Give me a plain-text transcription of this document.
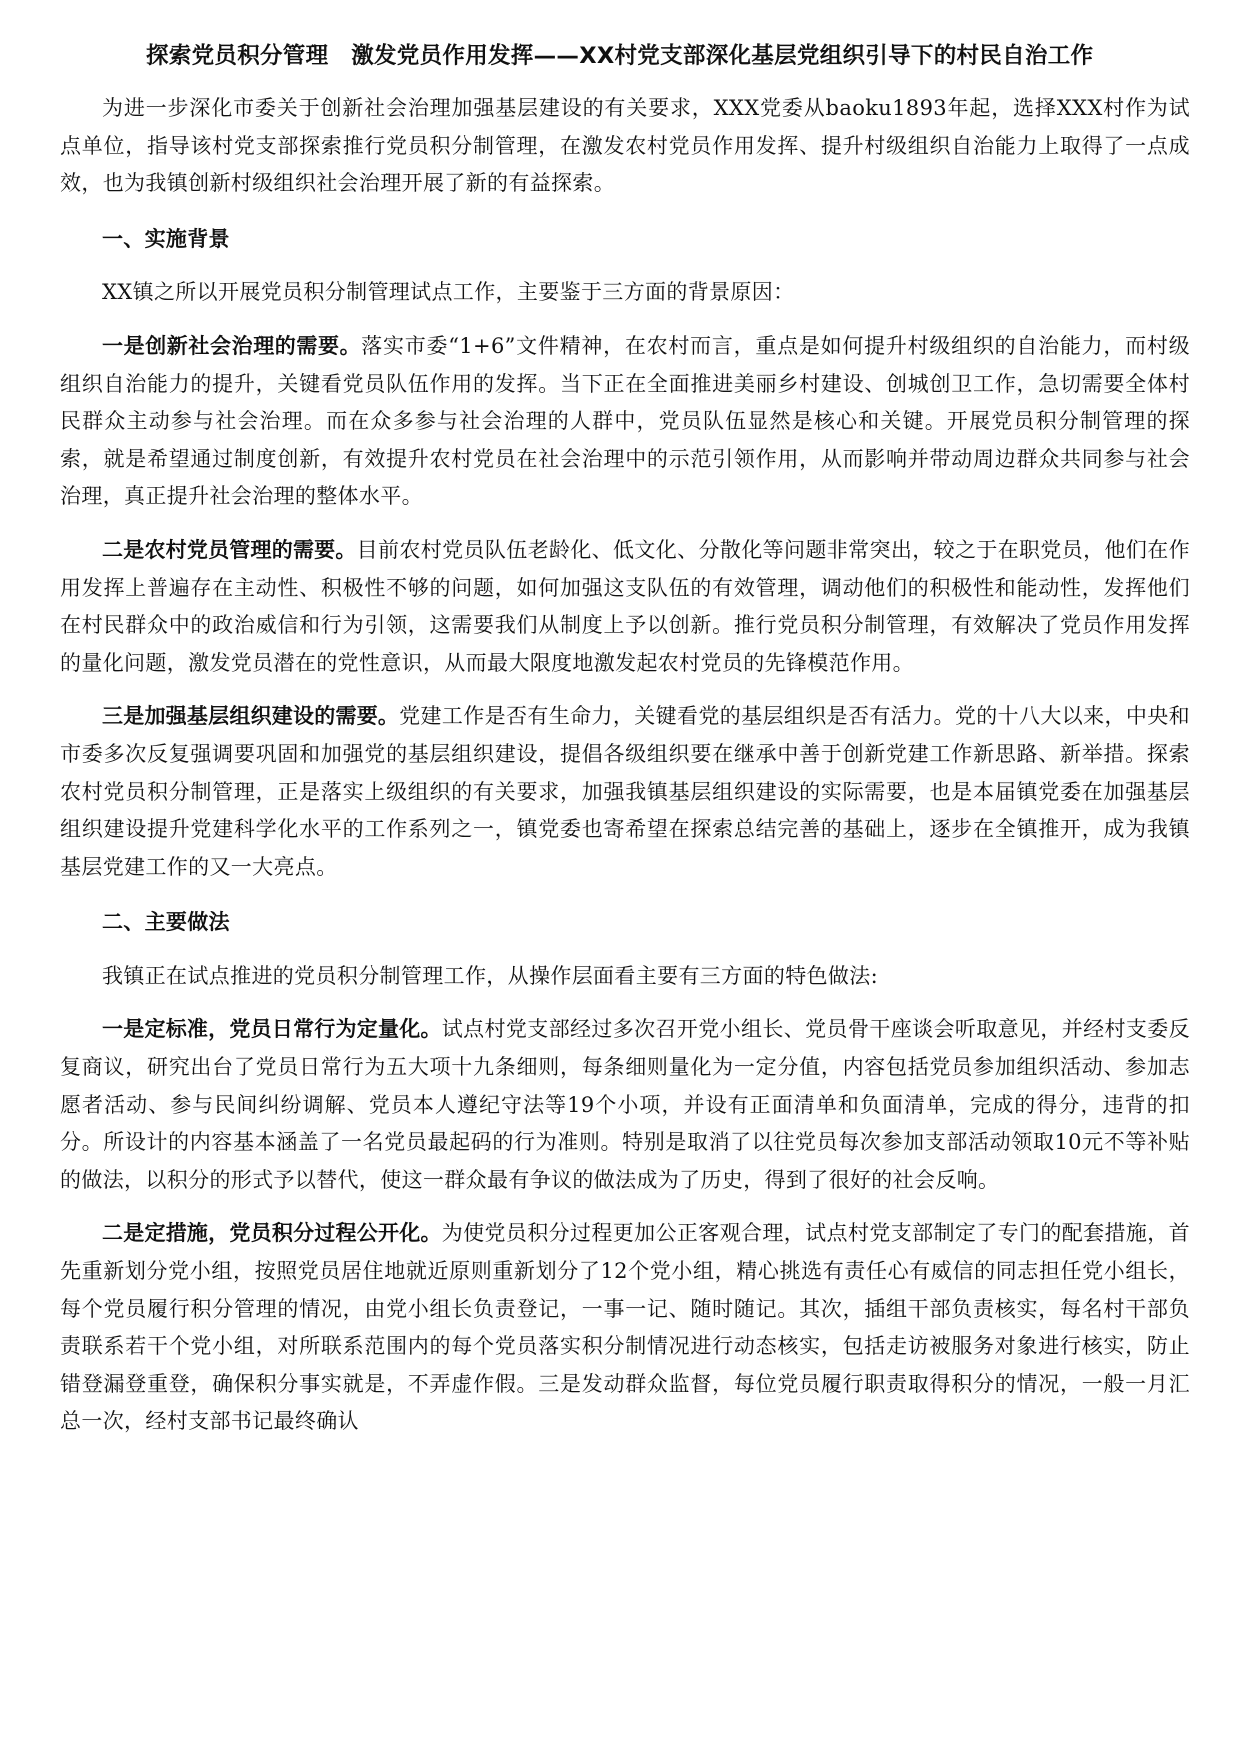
探索党员积分管理　激发党员作用发挥——XX村党支部深化基层党组织引导下的村民自治工作

为进一步深化市委关于创新社会治理加强基层建设的有关要求，XXX党委从baoku1893年起，选择XXX村作为试点单位，指导该村党支部探索推行党员积分制管理，在激发农村党员作用发挥、提升村级组织自治能力上取得了一点成效，也为我镇创新村级组织社会治理开展了新的有益探索。

一、实施背景

XX镇之所以开展党员积分制管理试点工作，主要鉴于三方面的背景原因：

一是创新社会治理的需要。落实市委“1+6”文件精神，在农村而言，重点是如何提升村级组织的自治能力，而村级组织自治能力的提升，关键看党员队伍作用的发挥。当下正在全面推进美丽乡村建设、创城创卫工作，急切需要全体村民群众主动参与社会治理。而在众多参与社会治理的人群中，党员队伍显然是核心和关键。开展党员积分制管理的探索，就是希望通过制度创新，有效提升农村党员在社会治理中的示范引领作用，从而影响并带动周边群众共同参与社会治理，真正提升社会治理的整体水平。

二是农村党员管理的需要。目前农村党员队伍老龄化、低文化、分散化等问题非常突出，较之于在职党员，他们在作用发挥上普遍存在主动性、积极性不够的问题，如何加强这支队伍的有效管理，调动他们的积极性和能动性，发挥他们在村民群众中的政治威信和行为引领，这需要我们从制度上予以创新。推行党员积分制管理，有效解决了党员作用发挥的量化问题，激发党员潜在的党性意识，从而最大限度地激发起农村党员的先锋模范作用。

三是加强基层组织建设的需要。党建工作是否有生命力，关键看党的基层组织是否有活力。党的十八大以来，中央和市委多次反复强调要巩固和加强党的基层组织建设，提倡各级组织要在继承中善于创新党建工作新思路、新举措。探索农村党员积分制管理，正是落实上级组织的有关要求，加强我镇基层组织建设的实际需要，也是本届镇党委在加强基层组织建设提升党建科学化水平的工作系列之一，镇党委也寄希望在探索总结完善的基础上，逐步在全镇推开，成为我镇基层党建工作的又一大亮点。

二、主要做法

我镇正在试点推进的党员积分制管理工作，从操作层面看主要有三方面的特色做法:

一是定标准，党员日常行为定量化。试点村党支部经过多次召开党小组长、党员骨干座谈会听取意见，并经村支委反复商议，研究出台了党员日常行为五大项十九条细则，每条细则量化为一定分值，内容包括党员参加组织活动、参加志愿者活动、参与民间纠纷调解、党员本人遵纪守法等19个小项，并设有正面清单和负面清单，完成的得分，违背的扣分。所设计的内容基本涵盖了一名党员最起码的行为准则。特别是取消了以往党员每次参加支部活动领取10元不等补贴的做法，以积分的形式予以替代，使这一群众最有争议的做法成为了历史，得到了很好的社会反响。

二是定措施，党员积分过程公开化。为使党员积分过程更加公正客观合理，试点村党支部制定了专门的配套措施，首先重新划分党小组，按照党员居住地就近原则重新划分了12个党小组，精心挑选有责任心有威信的同志担任党小组长，每个党员履行积分管理的情况，由党小组长负责登记，一事一记、随时随记。其次，插组干部负责核实，每名村干部负责联系若干个党小组，对所联系范围内的每个党员落实积分制情况进行动态核实，包括走访被服务对象进行核实，防止错登漏登重登，确保积分事实就是，不弄虚作假。三是发动群众监督，每位党员履行职责取得积分的情况，一般一月汇总一次，经村支部书记最终确认
